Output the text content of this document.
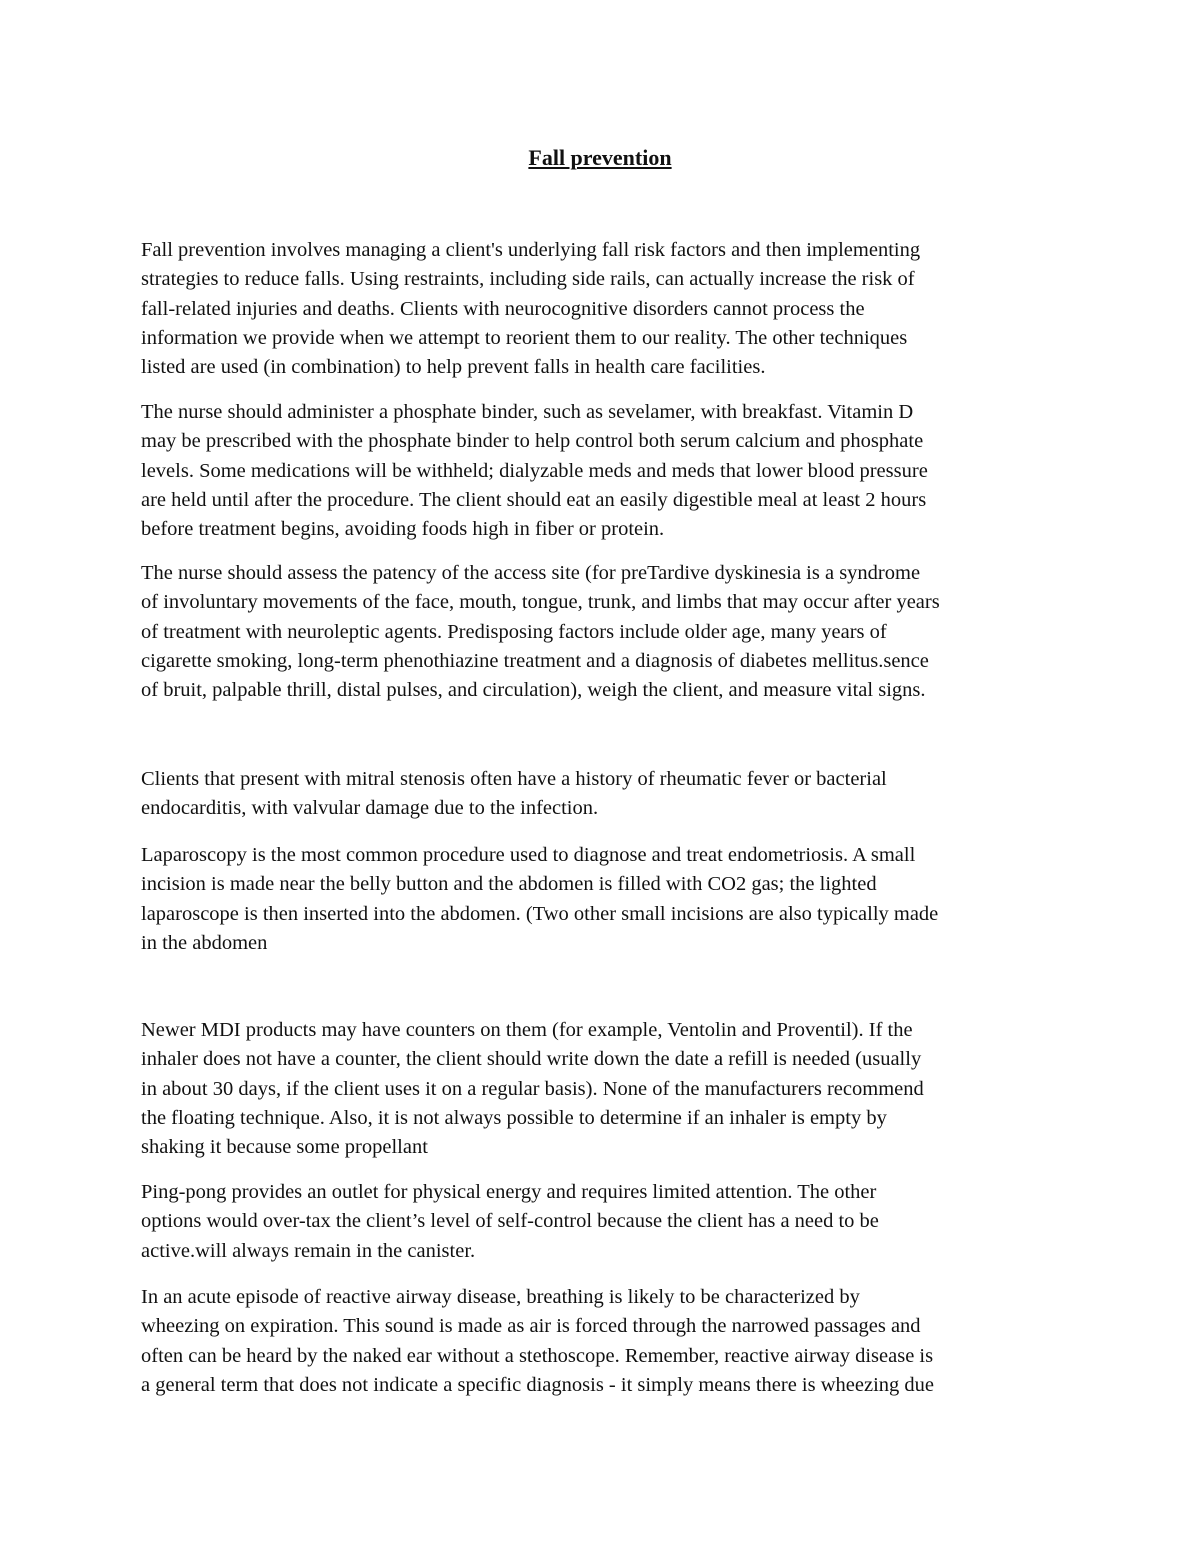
Fall prevention

Fall prevention involves managing a client's underlying fall risk factors and then implementing
strategies to reduce falls. Using restraints, including side rails, can actually increase the risk of
fall-related injuries and deaths. Clients with neurocognitive disorders cannot process the
information we provide when we attempt to reorient them to our reality. The other techniques
listed are used (in combination) to help prevent falls in health care facilities.

The nurse should administer a phosphate binder, such as sevelamer, with breakfast. Vitamin D
may be prescribed with the phosphate binder to help control both serum calcium and phosphate
levels. Some medications will be withheld; dialyzable meds and meds that lower blood pressure
are held until after the procedure. The client should eat an easily digestible meal at least 2 hours
before treatment begins, avoiding foods high in fiber or protein.

The nurse should assess the patency of the access site (for preTardive dyskinesia is a syndrome
of involuntary movements of the face, mouth, tongue, trunk, and limbs that may occur after years
of treatment with neuroleptic agents. Predisposing factors include older age, many years of
cigarette smoking, long-term phenothiazine treatment and a diagnosis of diabetes mellitus.sence
of bruit, palpable thrill, distal pulses, and circulation), weigh the client, and measure vital signs.

Clients that present with mitral stenosis often have a history of rheumatic fever or bacterial
endocarditis, with valvular damage due to the infection.

Laparoscopy is the most common procedure used to diagnose and treat endometriosis. A small
incision is made near the belly button and the abdomen is filled with CO2 gas; the lighted
laparoscope is then inserted into the abdomen. (Two other small incisions are also typically made
in the abdomen

Newer MDI products may have counters on them (for example, Ventolin and Proventil). If the
inhaler does not have a counter, the client should write down the date a refill is needed (usually
in about 30 days, if the client uses it on a regular basis). None of the manufacturers recommend
the floating technique. Also, it is not always possible to determine if an inhaler is empty by
shaking it because some propellant

Ping-pong provides an outlet for physical energy and requires limited attention. The other
options would over-tax the client’s level of self-control because the client has a need to be
active.will always remain in the canister.

In an acute episode of reactive airway disease, breathing is likely to be characterized by
wheezing on expiration. This sound is made as air is forced through the narrowed passages and
often can be heard by the naked ear without a stethoscope. Remember, reactive airway disease is
a general term that does not indicate a specific diagnosis - it simply means there is wheezing due
